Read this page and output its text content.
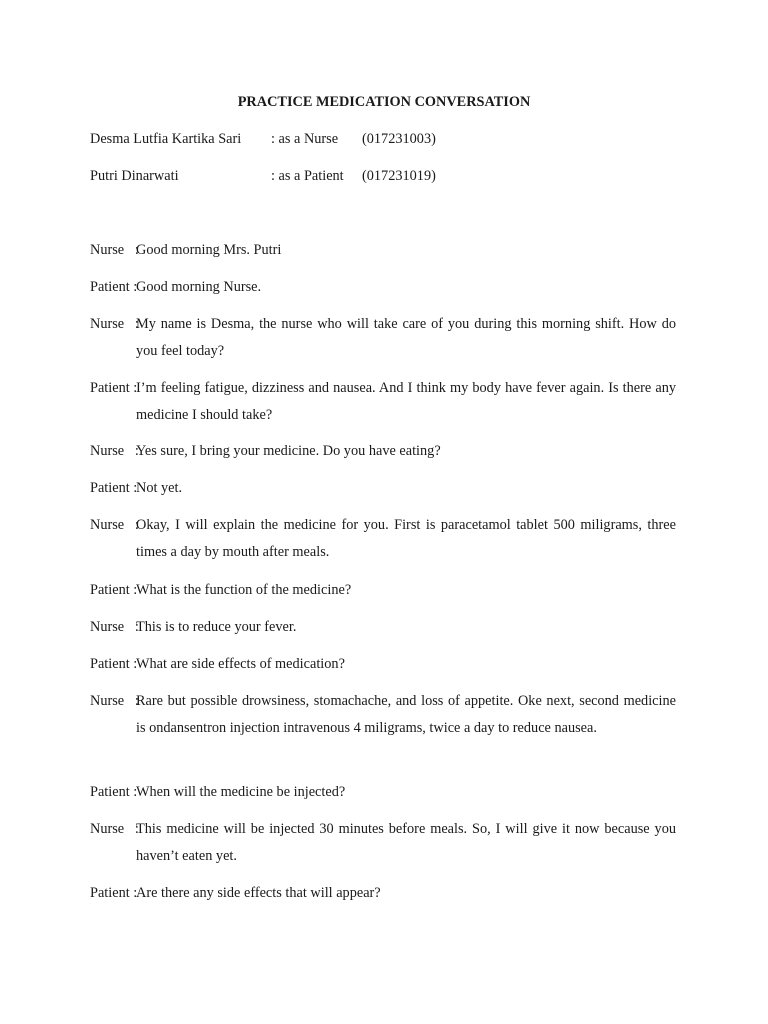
PRACTICE MEDICATION CONVERSATION
Desma Lutfia Kartika Sari : as a Nurse (017231003)
Putri Dinarwati	: as a Patient (017231019)
Nurse   :
Good morning Mrs. Putri
Patient :
Good morning Nurse.
Nurse   :
My name is Desma, the nurse who will take care of you during this morning shift. How do you feel today?
Patient :
I’m feeling fatigue, dizziness and nausea. And I think my body have fever again. Is there any medicine I should take?
Nurse   :
Yes sure, I bring your medicine. Do you have eating?
Patient :
Not yet.
Nurse   :
Okay, I will explain the medicine for you. First is paracetamol tablet 500 miligrams, three times a day by mouth after meals.
Patient :
What is the function of the medicine?
Nurse   :
This is to reduce your fever.
Patient :
What are side effects of medication?
Nurse   :
Rare but possible drowsiness, stomachache, and loss of appetite. Oke next, second medicine is ondansentron injection intravenous 4 miligrams, twice a day to reduce nausea.
Patient :
When will the medicine be injected?
Nurse   :
This medicine will be injected 30 minutes before meals. So, I will give it now because you haven’t eaten yet.
Patient :
Are there any side effects that will appear?
